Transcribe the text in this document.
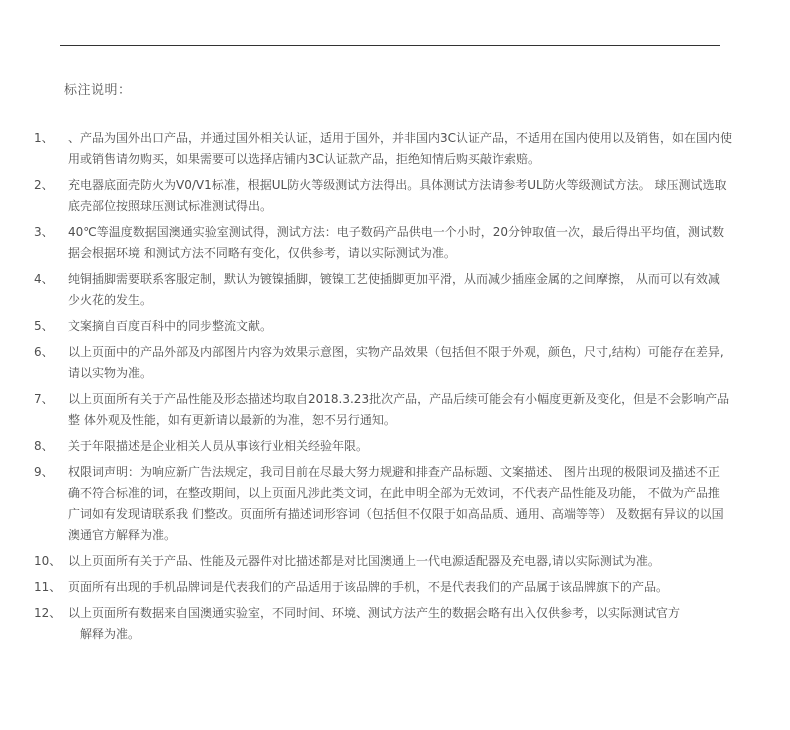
标注说明：
1、 、产品为国外出口产品，并通过国外相关认证，适用于国外，并非国内3C认证产品，不适用在国内使用以及销售，如在国内使
用或销售请勿购买，如果需要可以选择店铺内3C认证款产品，拒绝知情后购买敲诈索赔。
2、 充电器底面壳防火为V0/V1标准，根据UL防火等级测试方法得出。具体测试方法请参考UL防火等级测试方法。 球压测试选取
底壳部位按照球压测试标准测试得出。
3、 40℃等温度数据国澳通实验室测试得，测试方法：电子数码产品供电一个小时，20分钟取值一次，最后得出平均值，测试数
据会根据环境 和测试方法不同略有变化，仅供参考，请以实际测试为准。
4、 纯铜插脚需要联系客服定制，默认为镀镍插脚，镀镍工艺使插脚更加平滑，从而减少插座金属的之间摩擦， 从而可以有效减
少火花的发生。
5、 文案摘自百度百科中的同步整流文献。
6、 以上页面中的产品外部及内部图片内容为效果示意图，实物产品效果（包括但不限于外观，颜色，尺寸,结构）可能存在差异,
请以实物为准。
7、 以上页面所有关于产品性能及形态描述均取自2018.3.23批次产品，产品后续可能会有小幅度更新及变化，但是不会影响产品
整 体外观及性能，如有更新请以最新的为准，恕不另行通知。
8、 关于年限描述是企业相关人员从事该行业相关经验年限。
9、 权限词声明：为响应新广告法规定，我司目前在尽最大努力规避和排查产品标题、文案描述、 图片出现的极限词及描述不正
确不符合标准的词，在整改期间，以上页面凡涉此类文词，在此申明全部为无效词，不代表产品性能及功能， 不做为产品推
广词如有发现请联系我 们整改。页面所有描述词形容词（包括但不仅限于如高品质、通用、高端等等） 及数据有异议的以国
澳通官方解释为准。
10、 以上页面所有关于产品、性能及元器件对比描述都是对比国澳通上一代电源适配器及充电器,请以实际测试为准。
11、 页面所有出现的手机品牌词是代表我们的产品适用于该品牌的手机，不是代表我们的产品属于该品牌旗下的产品。
12、 以上页面所有数据来自国澳通实验室，不同时间、环境、测试方法产生的数据会略有出入仅供参考，以实际测试官方
解释为准。
